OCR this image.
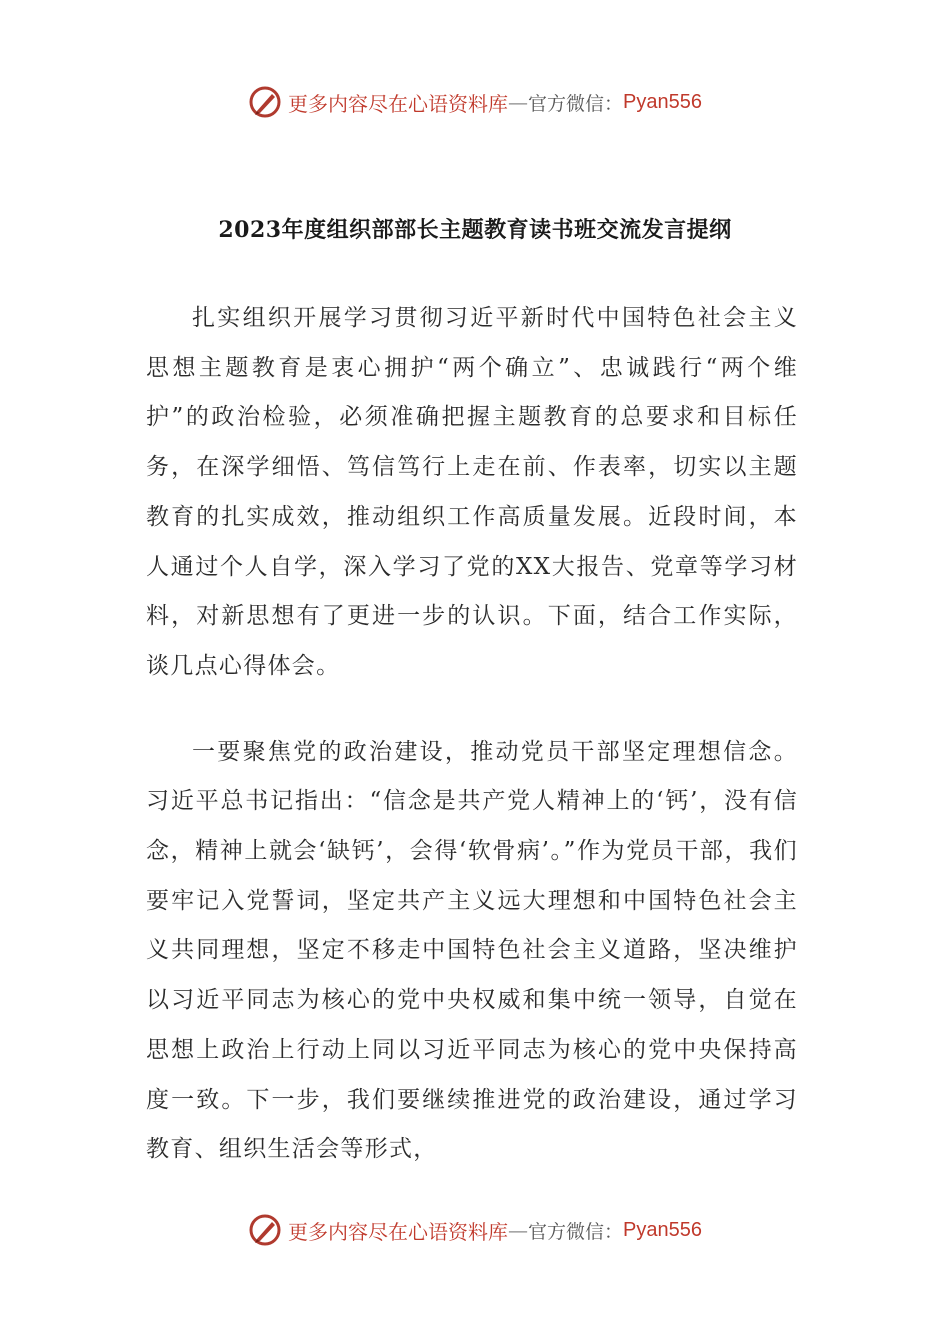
更多内容尽在心语资料库 — 官方微信： Pyan556
2023年度组织部部长主题教育读书班交流发言提纲

扎实组织开展学习贯彻习近平新时代中国特色社会主义思想主题教育是衷心拥护“两个确立”、忠诚践行“两个维护”的政治检验，必须准确把握主题教育的总要求和目标任务，在深学细悟、笃信笃行上走在前、作表率，切实以主题教育的扎实成效，推动组织工作高质量发展。近段时间，本人通过个人自学，深入学习了党的XX大报告、党章等学习材料，对新思想有了更进一步的认识。下面，结合工作实际，谈几点心得体会。

一要聚焦党的政治建设，推动党员干部坚定理想信念。习近平总书记指出：“信念是共产党人精神上的‘钙’，没有信念，精神上就会‘缺钙’，会得‘软骨病’。”作为党员干部，我们要牢记入党誓词，坚定共产主义远大理想和中国特色社会主义共同理想，坚定不移走中国特色社会主义道路，坚决维护以习近平同志为核心的党中央权威和集中统一领导，自觉在思想上政治上行动上同以习近平同志为核心的党中央保持高度一致。下一步，我们要继续推进党的政治建设，通过学习教育、组织生活会等形式，

更多内容尽在心语资料库 — 官方微信： Pyan556
